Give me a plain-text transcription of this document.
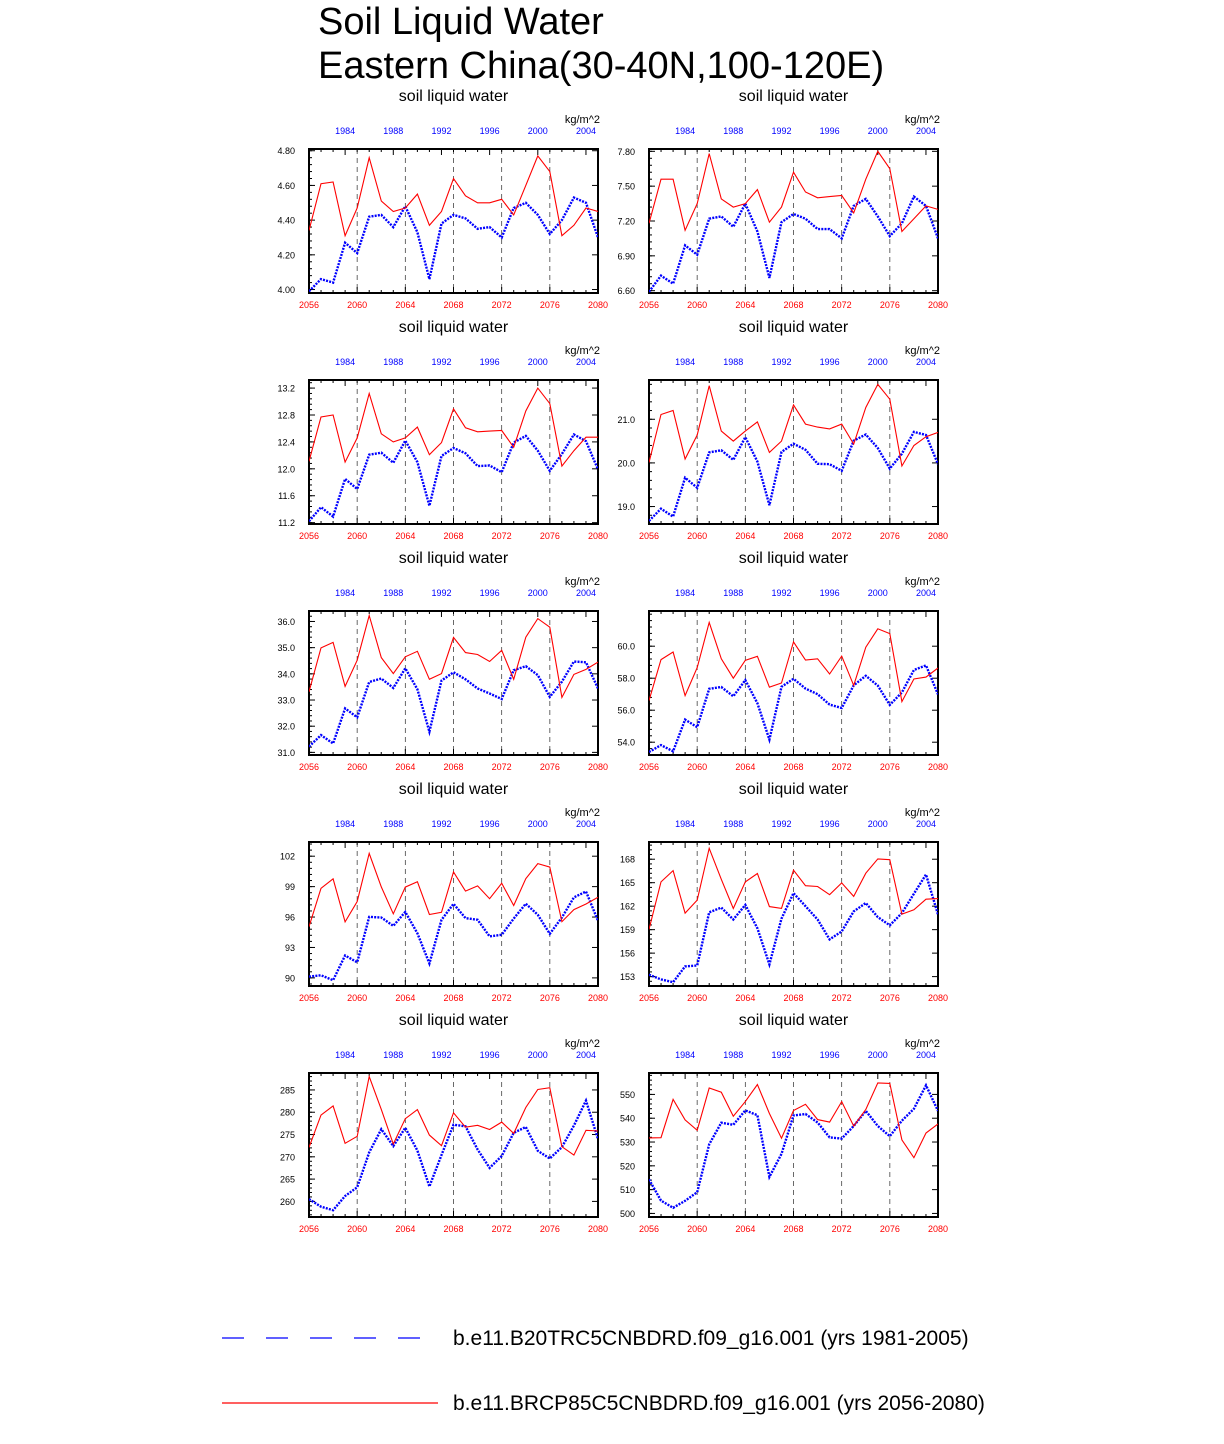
Soil Liquid Water
Eastern China(30-40N,100-120E)
soil liquid water
kg/m^2
2056	2060	2064	2068	2072	2076	2080
1984	1988	1992	1996	2000	2004
4.00
4.20
4.40
4.60
4.80
soil liquid water
kg/m^2
2056	2060	2064	2068	2072	2076	2080
1984	1988	1992	1996	2000	2004
6.60
6.90
7.20
7.50
7.80
soil liquid water
kg/m^2
2056	2060	2064	2068	2072	2076	2080
1984	1988	1992	1996	2000	2004
11.2
11.6
12.0
12.4
12.8
13.2
soil liquid water
kg/m^2
2056	2060	2064	2068	2072	2076	2080
1984	1988	1992	1996	2000	2004
19.0
20.0
21.0
soil liquid water
kg/m^2
2056	2060	2064	2068	2072	2076	2080
1984	1988	1992	1996	2000	2004
31.0
32.0
33.0
34.0
35.0
36.0
soil liquid water
kg/m^2
2056	2060	2064	2068	2072	2076	2080
1984	1988	1992	1996	2000	2004
54.0
56.0
58.0
60.0
soil liquid water
kg/m^2
2056	2060	2064	2068	2072	2076	2080
1984	1988	1992	1996	2000	2004
90
93
96
99
102
soil liquid water
kg/m^2
2056	2060	2064	2068	2072	2076	2080
1984	1988	1992	1996	2000	2004
153
156
159
162
165
168
soil liquid water
kg/m^2
2056	2060	2064	2068	2072	2076	2080
1984	1988	1992	1996	2000	2004
260
265
270
275
280
285
soil liquid water
kg/m^2
2056	2060	2064	2068	2072	2076	2080
1984	1988	1992	1996	2000	2004
500
510
520
530
540
550
b.e11.B20TRC5CNBDRD.f09_g16.001 (yrs 1981-2005)
b.e11.BRCP85C5CNBDRD.f09_g16.001 (yrs 2056-2080)
